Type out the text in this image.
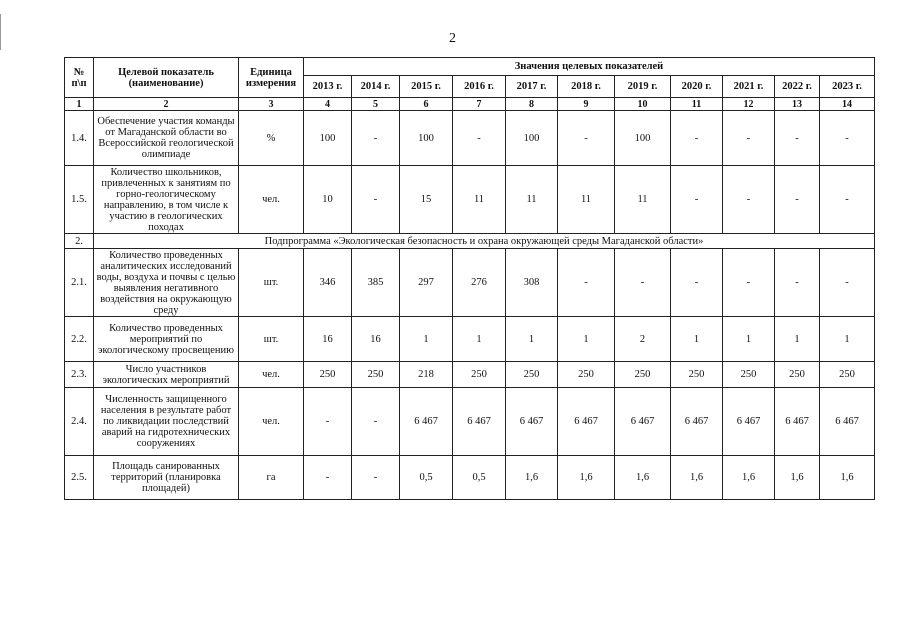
2
№ п\п	Целевой показатель (наименование)	Единица измерения	Значения целевых показателей										
			2013 г.	2014 г.	2015 г.	2016 г.	2017 г.	2018 г.	2019 г.	2020 г.	2021 г.	2022 г.	2023 г.
1	2	3	4	5	6	7	8	9	10	11	12	13	14
1.4.	Обеспечение участия команды от Магаданской области во Всероссийской геологической олимпиаде	%	100	-	100	-	100	-	100	-	-	-	-
1.5.	Количество школьников, привлеченных к занятиям по горно-геологическому направлению, в том числе к участию в геологических походах	чел.	10	-	15	11	11	11	11	-	-	-	-
2.	Подпрограмма «Экологическая безопасность и охрана окружающей среды Магаданской области»												
2.1.	Количество проведенных аналитических исследований воды, воздуха и почвы с целью выявления негативного воздействия на окружающую среду	шт.	346	385	297	276	308	-	-	-	-	-	-
2.2.	Количество проведенных мероприятий по экологическому просвещению	шт.	16	16	1	1	1	1	2	1	1	1	1
2.3.	Число участников экологических мероприятий	чел.	250	250	218	250	250	250	250	250	250	250	250
2.4.	Численность защищенного населения в результате работ по ликвидации последствий аварий на гидротехнических сооружениях	чел.	-	-	6 467	6 467	6 467	6 467	6 467	6 467	6 467	6 467	6 467
2.5.	Площадь санированных территорий (планировка площадей)	га	-	-	0,5	0,5	1,6	1,6	1,6	1,6	1,6	1,6	1,6
